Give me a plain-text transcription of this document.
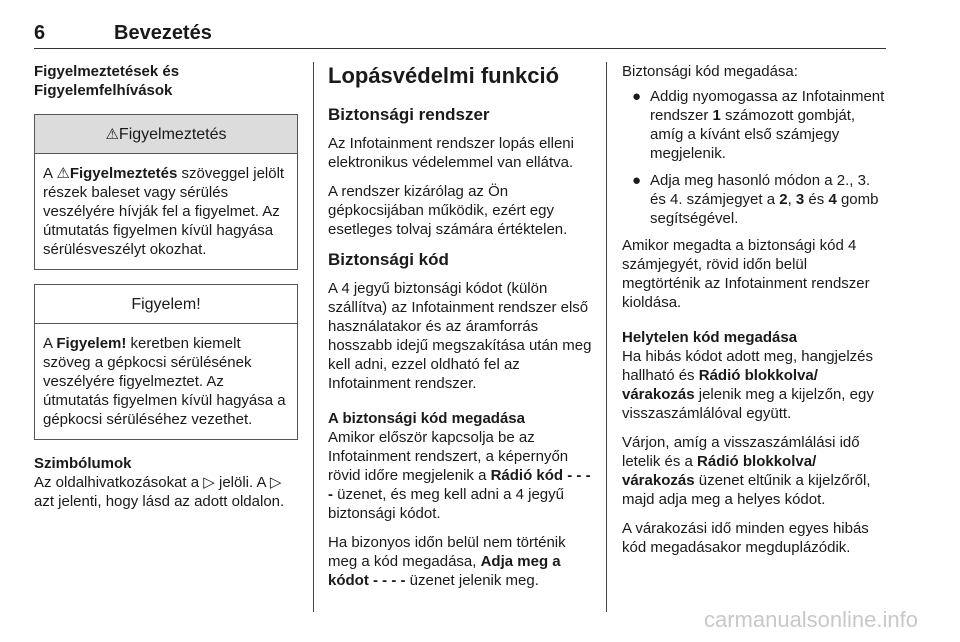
6	Bevezetés
Figyelmeztetések és
Figyelemfelhívások
⚠ Figyelmeztetés
A ⚠Figyelmeztetés szöveggel jelölt részek baleset vagy sérülés veszélyére hívják fel a figyelmet. Az útmutatás figyelmen kívül hagyása sérülésveszélyt okozhat.
Figyelem!
A Figyelem! keretben kiemelt szöveg a gépkocsi sérülésének veszélyére figyelmeztet. Az útmutatás figyelmen kívül hagyása a gépkocsi sérüléséhez vezethet.
Szimbólumok

Az oldalhivatkozásokat a ▷ jelöli. A ▷ azt jelenti, hogy lásd az adott oldalon.

Lopásvédelmi funkció
Biztonsági rendszer

Az Infotainment rendszer lopás elleni elektronikus védelemmel van ellátva.

A rendszer kizárólag az Ön gépkocsijában működik, ezért egy esetleges tolvaj számára értéktelen.

Biztonsági kód

A 4 jegyű biztonsági kódot (külön szállítva) az Infotainment rendszer első használatakor és az áramforrás hosszabb idejű megszakítása után meg kell adni, ezzel oldható fel az Infotainment rendszer.

A biztonsági kód megadása

Amikor először kapcsolja be az Infotainment rendszert, a képernyőn rövid időre megjelenik a Rádió kód - - - - üzenet, és meg kell adni a 4 jegyű biztonsági kódot.

Ha bizonyos időn belül nem történik meg a kód megadása, Adja meg a kódot - - - - üzenet jelenik meg.

Biztonsági kód megadása:

● Addig nyomogassa az Infotainment rendszer 1 számozott gombját, amíg a kívánt első számjegy megjelenik.
● Adja meg hasonló módon a 2., 3. és 4. számjegyet a 2, 3 és 4 gomb segítségével.

Amikor megadta a biztonsági kód 4 számjegyét, rövid időn belül megtörténik az Infotainment rendszer kioldása.

Helytelen kód megadása

Ha hibás kódot adott meg, hangjelzés hallható és Rádió blokkolva/ várakozás jelenik meg a kijelzőn, egy visszaszámlálóval együtt.

Várjon, amíg a visszaszámlálási idő letelik és a Rádió blokkolva/ várakozás üzenet eltűnik a kijelzőről, majd adja meg a helyes kódot.

A várakozási idő minden egyes hibás kód megadásakor megduplázódik.

carmanualsonline.info
